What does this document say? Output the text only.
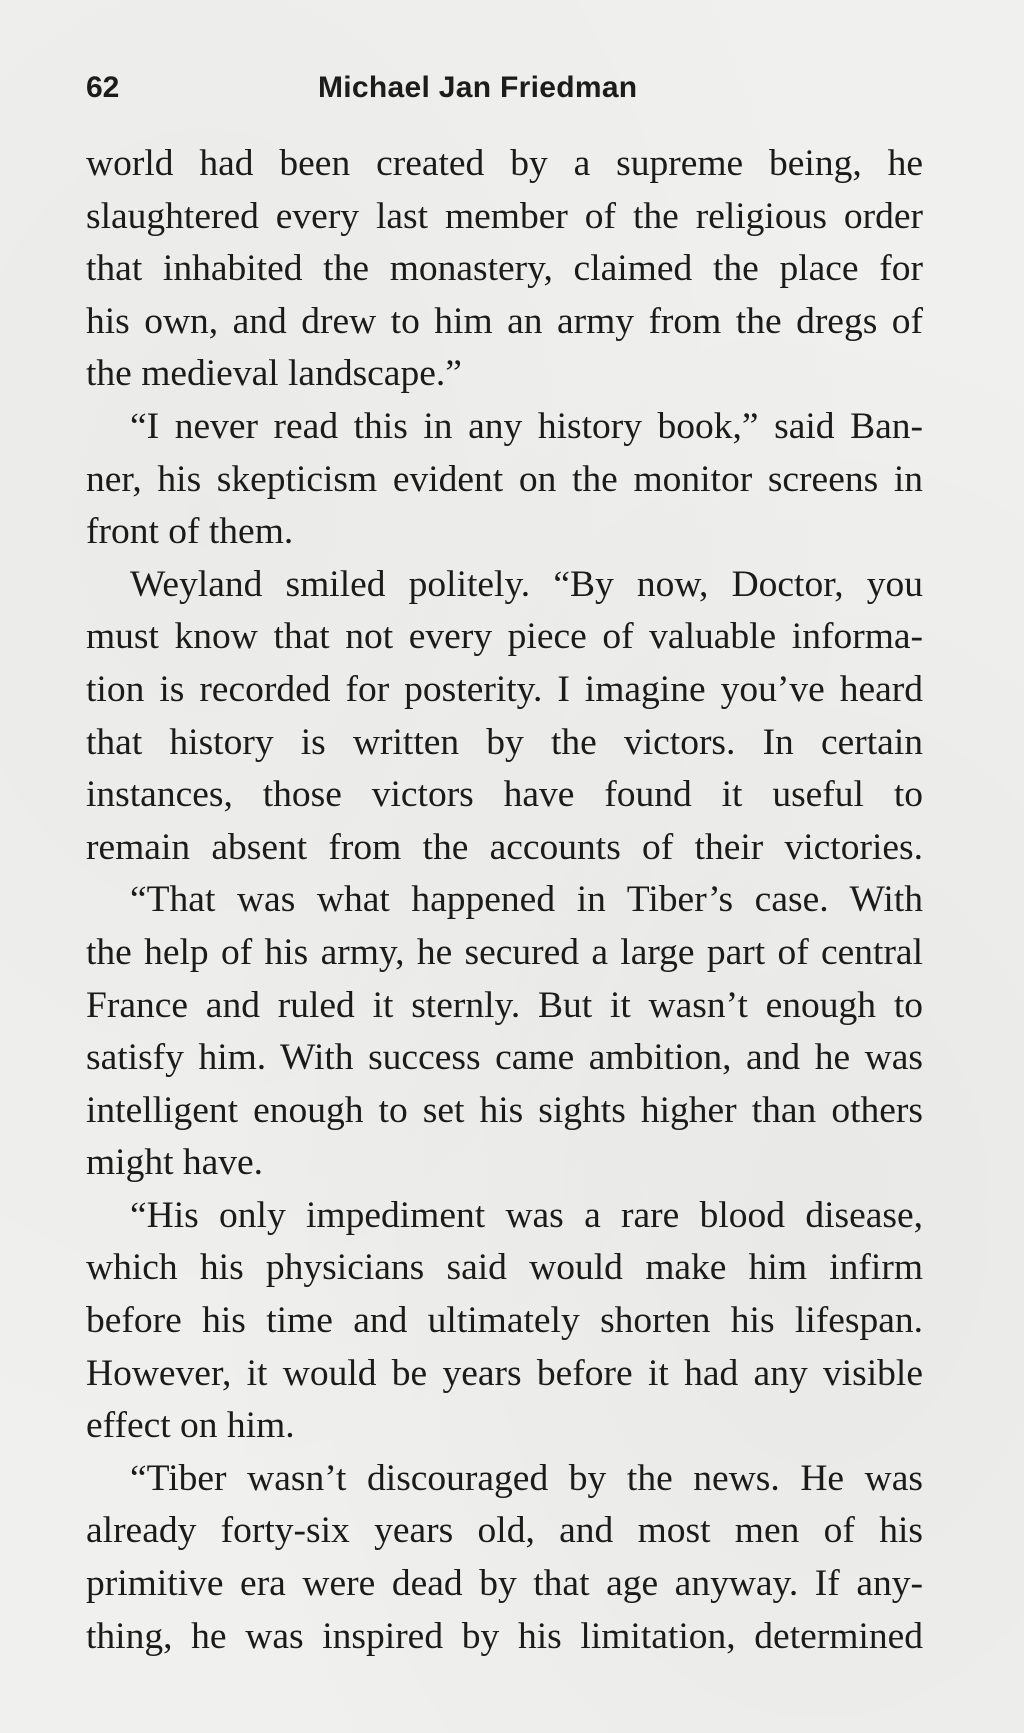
62	Michael Jan Friedman
world had been created by a supreme being, he
slaughtered every last member of the religious order
that inhabited the monastery, claimed the place for
his own, and drew to him an army from the dregs of
the medieval landscape.”
“I never read this in any history book,” said Ban-
ner, his skepticism evident on the monitor screens in
front of them.
Weyland smiled politely. “By now, Doctor, you
must know that not every piece of valuable informa-
tion is recorded for posterity. I imagine you’ve heard
that history is written by the victors. In certain
instances, those victors have found it useful to
remain absent from the accounts of their victories.
“That was what happened in Tiber’s case. With
the help of his army, he secured a large part of central
France and ruled it sternly. But it wasn’t enough to
satisfy him. With success came ambition, and he was
intelligent enough to set his sights higher than others
might have.
“His only impediment was a rare blood disease,
which his physicians said would make him infirm
before his time and ultimately shorten his lifespan.
However, it would be years before it had any visible
effect on him.
“Tiber wasn’t discouraged by the news. He was
already forty-six years old, and most men of his
primitive era were dead by that age anyway. If any-
thing, he was inspired by his limitation, determined
